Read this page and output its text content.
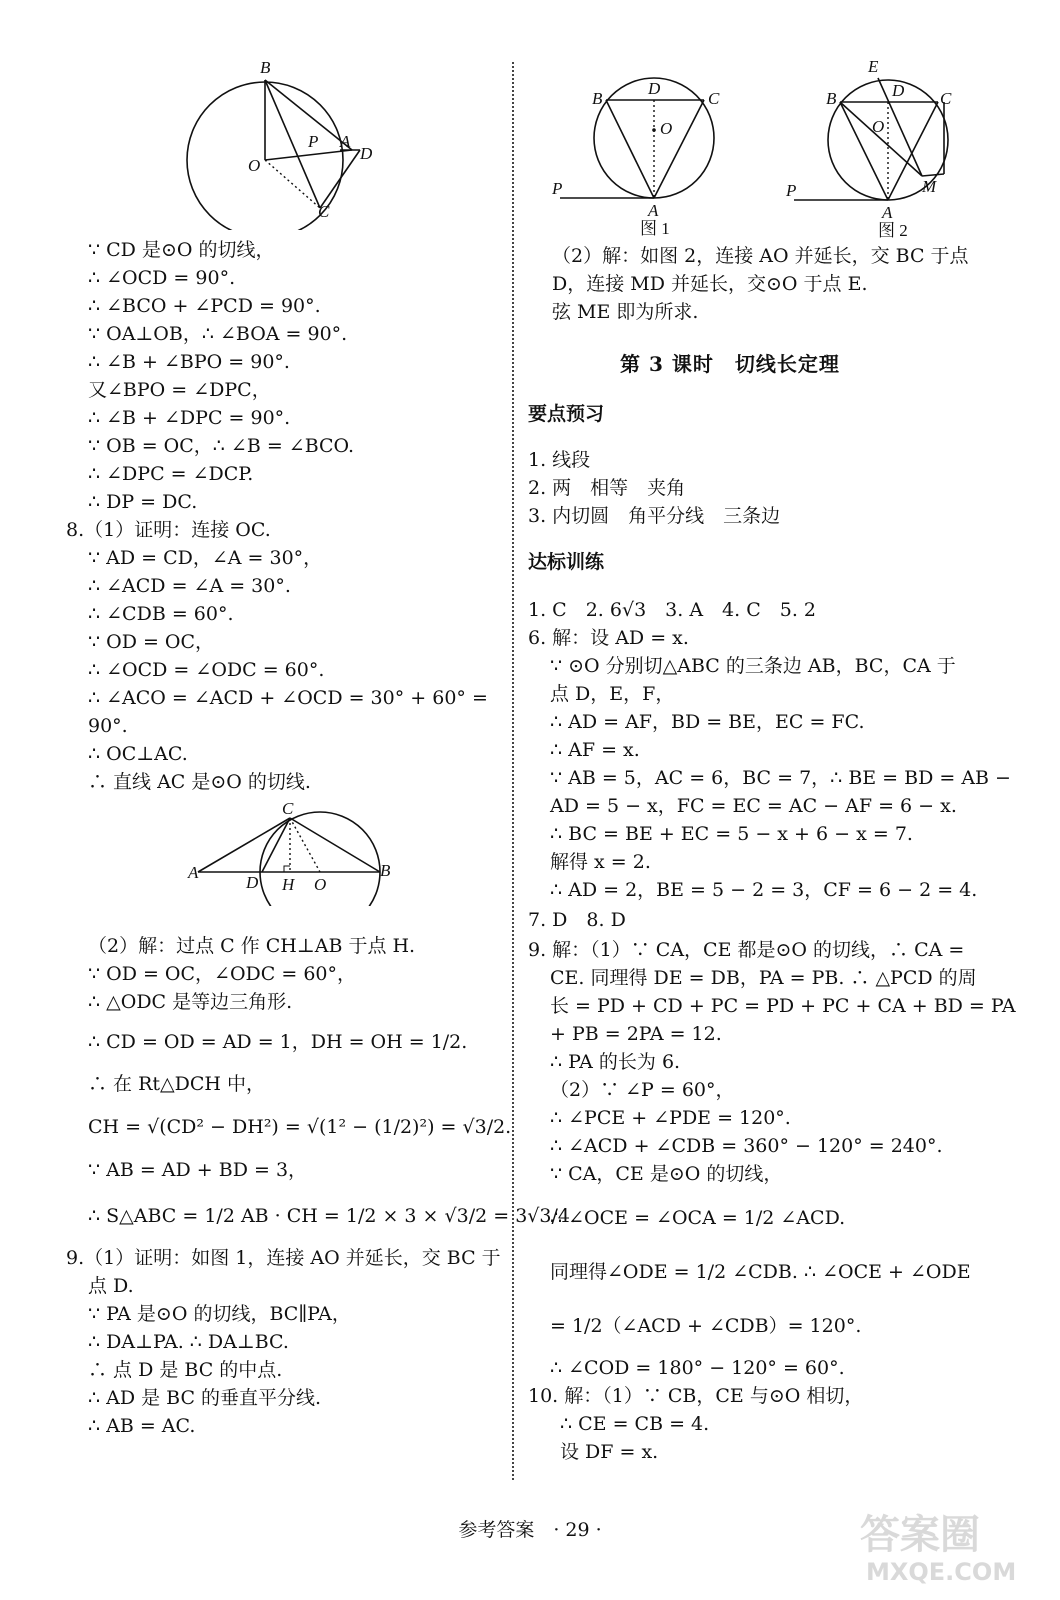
B
P A
D
O
C
∵ CD 是⊙O 的切线，
∴ ∠OCD = 90°.
∴ ∠BCO + ∠PCD = 90°.
∵ OA⊥OB，∴ ∠BOA = 90°.
∴ ∠B + ∠BPO = 90°.
又∠BPO = ∠DPC，
∴ ∠B + ∠DPC = 90°.
∵ OB = OC，∴ ∠B = ∠BCO.
∴ ∠DPC = ∠DCP.
∴ DP = DC.
8.（1）证明：连接 OC.
∵ AD = CD，∠A = 30°，
∴ ∠ACD = ∠A = 30°.
∴ ∠CDB = 60°.
∵ OD = OC，
∴ ∠OCD = ∠ODC = 60°.
∴ ∠ACO = ∠ACD + ∠OCD = 30° + 60° =
90°.
∴ OC⊥AC.
∴ 直线 AC 是⊙O 的切线.
C
A
D H O
B
（2）解：过点 C 作 CH⊥AB 于点 H.
∵ OD = OC，∠ODC = 60°，
∴ △ODC 是等边三角形.
∴ CD = OD = AD = 1，DH = OH = 1/2.
∴ 在 Rt△DCH 中，
CH = √(CD² − DH²) = √(1² − (1/2)²) = √3/2.
∵ AB = AD + BD = 3，
∴ S△ABC = 1/2 AB · CH = 1/2 × 3 × √3/2 = 3√3/4.
9.（1）证明：如图 1，连接 AO 并延长，交 BC 于
点 D.
∵ PA 是⊙O 的切线，BC∥PA，
∴ DA⊥PA. ∴ DA⊥BC.
∴ 点 D 是 BC 的中点.
∴ AD 是 BC 的垂直平分线.
∴ AB = AC.
B
D
C
O
P
A
图 1
E
B	D C
O
P
A
M
图 2
（2）解：如图 2，连接 AO 并延长，交 BC 于点
D，连接 MD 并延长，交⊙O 于点 E.
弦 ME 即为所求.
第 3 课时　切线长定理
要点预习
1. 线段
2. 两　相等　夹角
3. 内切圆　角平分线　三条边
达标训练
1. C　2. 6√3　3. A　4. C　5. 2
6. 解：设 AD = x.
∵ ⊙O 分别切△ABC 的三条边 AB，BC，CA 于
点 D，E，F，
∴ AD = AF，BD = BE，EC = FC.
∴ AF = x.
∵ AB = 5，AC = 6，BC = 7，∴ BE = BD = AB −
AD = 5 − x，FC = EC = AC − AF = 6 − x.
∴ BC = BE + EC = 5 − x + 6 − x = 7.
解得 x = 2.
∴ AD = 2，BE = 5 − 2 = 3，CF = 6 − 2 = 4.
7. D　8. D
9. 解：（1）∵ CA，CE 都是⊙O 的切线，∴ CA =
CE. 同理得 DE = DB，PA = PB. ∴ △PCD 的周
长 = PD + CD + PC = PD + PC + CA + BD = PA
+ PB = 2PA = 12.
∴ PA 的长为 6.
（2）∵ ∠P = 60°，
∴ ∠PCE + ∠PDE = 120°.
∴ ∠ACD + ∠CDB = 360° − 120° = 240°.
∵ CA，CE 是⊙O 的切线，
∴ ∠OCE = ∠OCA = 1/2 ∠ACD.
同理得∠ODE = 1/2 ∠CDB. ∴ ∠OCE + ∠ODE
= 1/2（∠ACD + ∠CDB）= 120°.
∴ ∠COD = 180° − 120° = 60°.
10. 解：（1）∵ CB，CE 与⊙O 相切，
∴ CE = CB = 4.
设 DF = x.
参考答案　· 29 ·	答案圈
MXQE.COM
